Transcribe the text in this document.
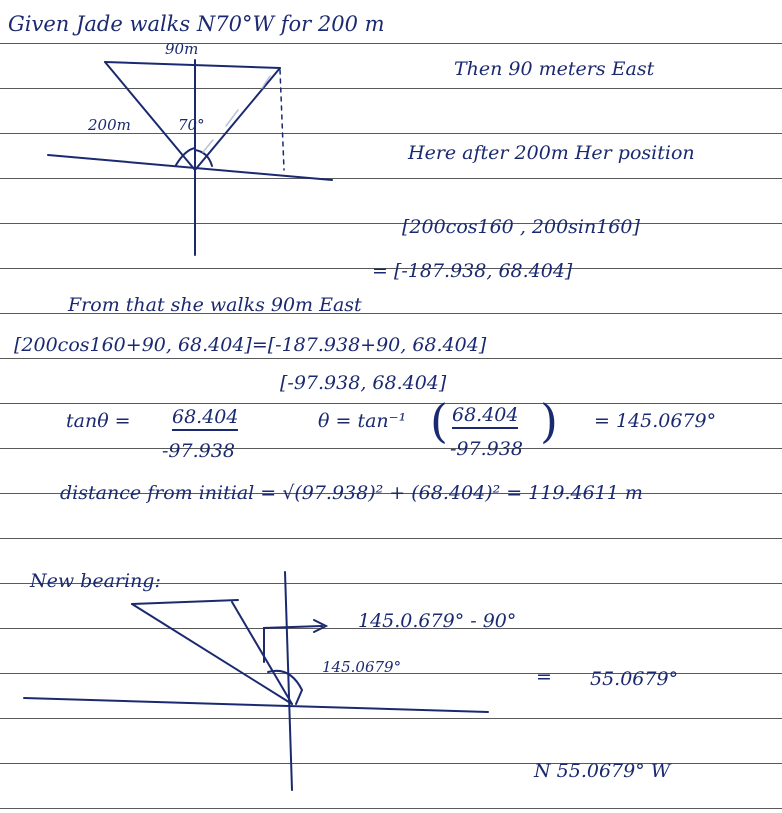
Given Jade walks N70°W for 200 m
90m
200m	70°
Then 90 meters East
Here after 200m Her position
[200cos160 , 200sin160]
= [-187.938, 68.404]
From that she walks 90m East
[200cos160+90, 68.404]=[-187.938+90, 68.404]
[-97.938, 68.404]
tanθ = 68.404
-97.938
θ = tan⁻¹ ( 68.404
-97.938
) = 145.0679°
distance from initial = √(97.938)² + (68.404)² = 119.4611 m
New bearing:
145.0.679° - 90°
145.0679°	= 55.0679°
N 55.0679° W
